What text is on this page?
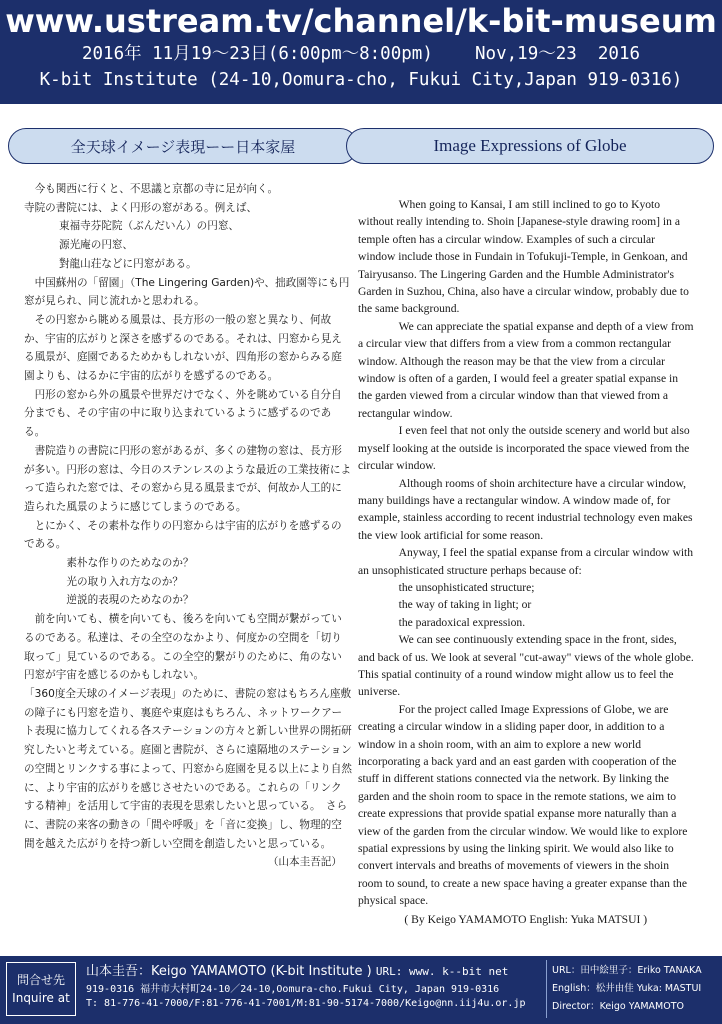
www.ustream.tv/channel/k-bit-museum
2016年 11月19～23日(6:00pm～8:00pm)    Nov,19～23  2016
K-bit Institute (24-10,Oomura-cho, Fukui City,Japan 919-0316)
全天球イメージ表現ーー日本家屋	Image Expressions of Globe

今も関西に行くと、不思議と京都の寺に足が向く。

寺院の書院には、よく円形の窓がある。例えば、

東福寺芬陀院（ぶんだいん）の円窓、

源光庵の円窓、

對龍山荘などに円窓がある。

中国蘇州の「留園」（The Lingering Garden)や、拙政園等にも円窓が見られ、同じ流れかと思われる。

その円窓から眺める風景は、長方形の一般の窓と異なり、何故か、宇宙的広がりと深さを感ずるのである。それは、円窓から見える風景が、庭園であるためかもしれないが、四角形の窓からみる庭園よりも、はるかに宇宙的広がりを感ずるのである。

円形の窓から外の風景や世界だけでなく、外を眺めている自分自分までも、その宇宙の中に取り込まれているように感ずるのである。

書院造りの書院に円形の窓があるが、多くの建物の窓は、長方形が多い。円形の窓は、今日のステンレスのような最近の工業技術によって造られた窓では、その窓から見る風景までが、何故か人工的に造られた風景のように感じてしまうのである。

とにかく、その素朴な作りの円窓からは宇宙的広がりを感ずるのである。

素朴な作りのためなのか？

光の取り入れ方なのか？

逆説的表現のためなのか？

前を向いても、横を向いても、後ろを向いても空間が繋がっているのである。私達は、その全空のなかより、何度かの空間を「切り取って」見ているのである。この全空的繋がりのために、角のない円窓が宇宙を感じるのかもしれない。

「360度全天球のイメージ表現」のために、書院の窓はもちろん座敷の障子にも円窓を造り、裏庭や東庭はもちろん、ネットワークアート表現に協力してくれる各ステーションの方々と新しい世界の開拓研究したいと考えている。庭園と書院が、さらに遠隔地のステーションの空間とリンクする事によって、円窓から庭園を見る以上により自然に、より宇宙的広がりを感じさせたいのである。これらの「リンクする精神」を活用して宇宙的表現を思索したいと思っている。　さらに、書院の来客の動きの「間や呼吸」を「音に変換」し、物理的空間を越えた広がりを持つ新しい空間を創造したいと思っている。

（山本圭吾記）

When going to Kansai, I am still inclined to go to Kyoto without really intending to. Shoin [Japanese-style drawing room] in a temple often has a circular window. Examples of such a circular window include those in Fundain in Tofukuji-Temple, in Genkoan, and Tairyusanso. The Lingering Garden and the Humble Administrator's Garden in Suzhou, China, also have a circular window, probably due to the same background.

We can appreciate the spatial expanse and depth of a view from a circular view that differs from a view from a common rectangular window. Although the reason may be that the view from a circular window is often of a garden, I would feel a greater spatial expanse in the garden viewed from a circular window than that viewed from a rectangular window.

I even feel that not only the outside scenery and world but also myself looking at the outside is incorporated the space viewed from the circular window.

Although rooms of shoin architecture have a circular window, many buildings have a rectangular window. A window made of, for example, stainless according to recent industrial technology even makes the view look artificial for some reason.

Anyway, I feel the spatial expanse from a circular window with an unsophisticated structure perhaps because of:

the unsophisticated structure;

the way of taking in light; or

the paradoxical expression.

We can see continuously extending space in the front, sides, and back of us. We look at several "cut-away" views of the whole globe. This spatial continuity of a round window might allow us to feel the universe.

For the project called Image Expressions of Globe, we are creating a circular window in a sliding paper door, in addition to a window in a shoin room, with an aim to explore a new world incorporating a back yard and an east garden with cooperation of the stuff in different stations connected via the network. By linking the garden and the shoin room to space in the remote stations, we aim to create expressions that provide spatial expanse more naturally than a view of the garden from the circular window. We would like to explore spatial expressions by using the linking spirit. We would also like to convert intervals and breaths of movements of viewers in the shoin room to sound, to create a new space having a greater expanse than the physical space.

( By Keigo YAMAMOTO English: Yuka MATSUI )

問合せ先
Inquire at
山本圭吾：Keigo YAMAMOTO (K-bit Institute ) URL: www. k--bit net
919-0316 福井市大村町24-10／24-10,Oomura-cho.Fukui City, Japan 919-0316
T: 81-776-41-7000/F:81-776-41-7001/M:81-90-5174-7000/Keigo@nn.iij4u.or.jp
URL：田中絵里子：Eriko TANAKA
English：松井由佳 Yuka: MASTUI
Director：Keigo YAMAMOTO
